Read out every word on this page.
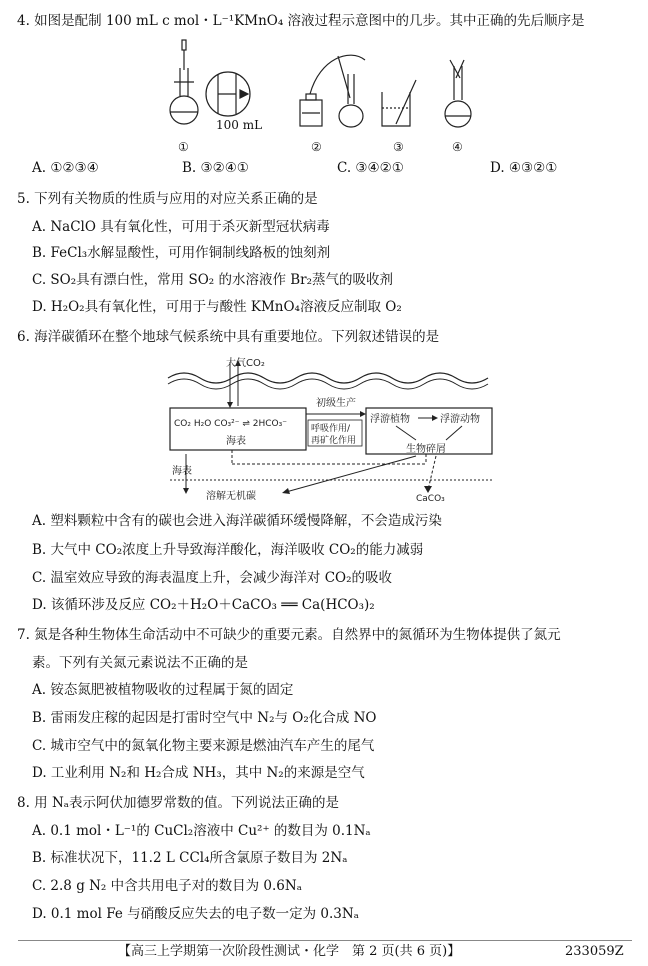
4. 如图是配制 100 mL c mol・L⁻¹KMnO₄ 溶液过程示意图中的几步。其中正确的先后顺序是
100 mL
①	②	③	④
A. ①②③④	B. ③②④①	C. ③④②①	D. ④③②①
5. 下列有关物质的性质与应用的对应关系正确的是
A. NaClO 具有氧化性，可用于杀灭新型冠状病毒
B. FeCl₃水解显酸性，可用作铜制线路板的蚀刻剂
C. SO₂具有漂白性，常用 SO₂ 的水溶液作 Br₂蒸气的吸收剂
D. H₂O₂具有氧化性，可用于与酸性 KMnO₄溶液反应制取 O₂
6. 海洋碳循环在整个地球气候系统中具有重要地位。下列叙述错误的是
大气CO₂
CO₂ H₂O CO₃²⁻ ⇌ 2HCO₃⁻
海表
初级生产
呼吸作用/
再矿化作用
浮游植物	浮游动物
生物碎屑
海表
溶解无机碳	CaCO₃
A. 塑料颗粒中含有的碳也会进入海洋碳循环缓慢降解，不会造成污染
B. 大气中 CO₂浓度上升导致海洋酸化，海洋吸收 CO₂的能力减弱
C. 温室效应导致的海表温度上升，会减少海洋对 CO₂的吸收
D. 该循环涉及反应 CO₂＋H₂O＋CaCO₃ ══ Ca(HCO₃)₂
7. 氮是各种生物体生命活动中不可缺少的重要元素。自然界中的氮循环为生物体提供了氮元
素。下列有关氮元素说法不正确的是
A. 铵态氮肥被植物吸收的过程属于氮的固定
B. 雷雨发庄稼的起因是打雷时空气中 N₂与 O₂化合成 NO
C. 城市空气中的氮氧化物主要来源是燃油汽车产生的尾气
D. 工业利用 N₂和 H₂合成 NH₃，其中 N₂的来源是空气
8. 用 Nₐ表示阿伏加德罗常数的值。下列说法正确的是
A. 0.1 mol・L⁻¹的 CuCl₂溶液中 Cu²⁺ 的数目为 0.1Nₐ
B. 标准状况下，11.2 L CCl₄所含氯原子数目为 2Nₐ
C. 2.8 g N₂ 中含共用电子对的数目为 0.6Nₐ
D. 0.1 mol Fe 与硝酸反应失去的电子数一定为 0.3Nₐ
【高三上学期第一次阶段性测试・化学　第 2 页(共 6 页)】	233059Z
